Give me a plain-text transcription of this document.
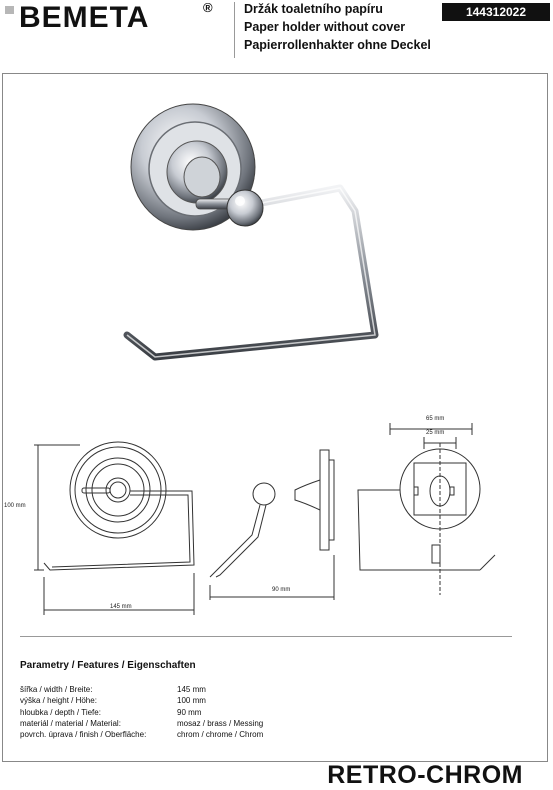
BEMETA	®	Držák toaletního papíru
Paper holder without cover
Papierrollenhakter ohne Deckel
144312022
100 mm
145 mm
90 mm
65 mm
25 mm
Parametry / Features / Eigenschaften
šířka / width / Breite:	145 mm
výška / height / Höhe:	100 mm
hloubka / depth / Tiefe:	90 mm
materiál / material / Material:	mosaz / brass / Messing
povrch. úprava / finish / Oberfläche:	chrom / chrome / Chrom
RETRO-CHROM
